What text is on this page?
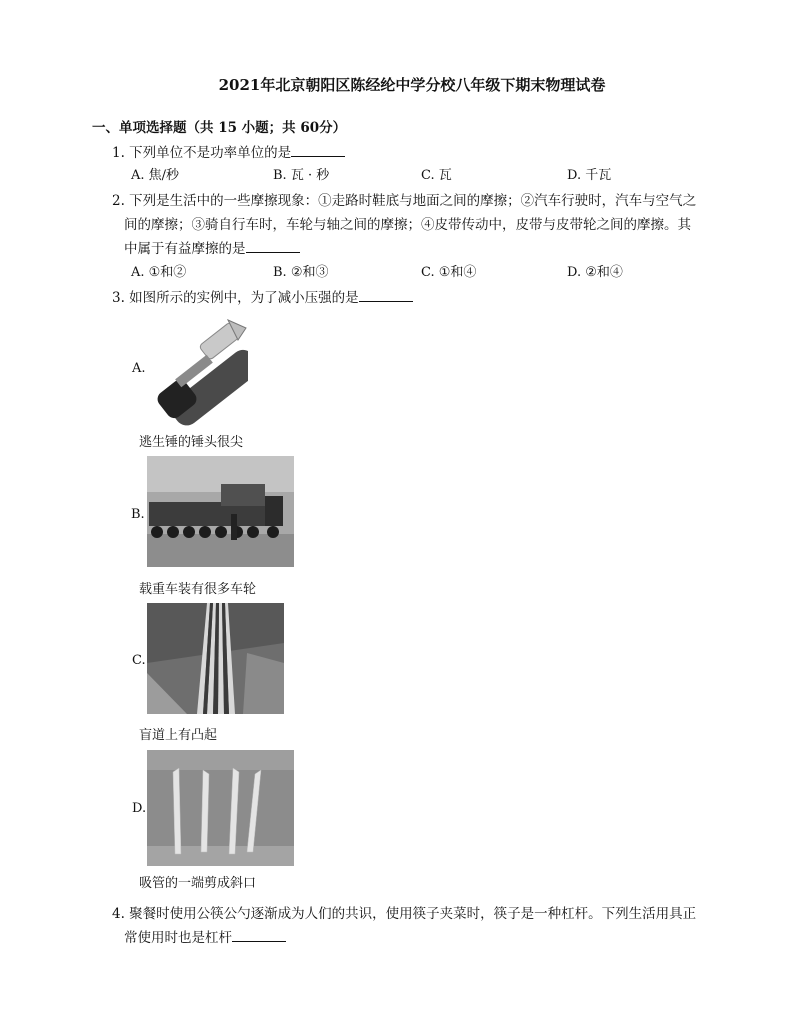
2021年北京朝阳区陈经纶中学分校八年级下期末物理试卷
一、单项选择题（共 15 小题；共 60分）
1. 下列单位不是功率单位的是
A. 焦/秒	B. 瓦 · 秒	C. 瓦	D. 千瓦
2. 下列是生活中的一些摩擦现象：①走路时鞋底与地面之间的摩擦；②汽车行驶时，汽车与空气之
间的摩擦；③骑自行车时，车轮与轴之间的摩擦；④皮带传动中，皮带与皮带轮之间的摩擦。其
中属于有益摩擦的是
A. ①和②	B. ②和③	C. ①和④	D. ②和④
3. 如图所示的实例中，为了减小压强的是
A.
逃生锤的锤头很尖
B.
载重车装有很多车轮
C.
盲道上有凸起
D.
吸管的一端剪成斜口
4. 聚餐时使用公筷公勺逐渐成为人们的共识，使用筷子夹菜时，筷子是一种杠杆。下列生活用具正
常使用时也是杠杆
